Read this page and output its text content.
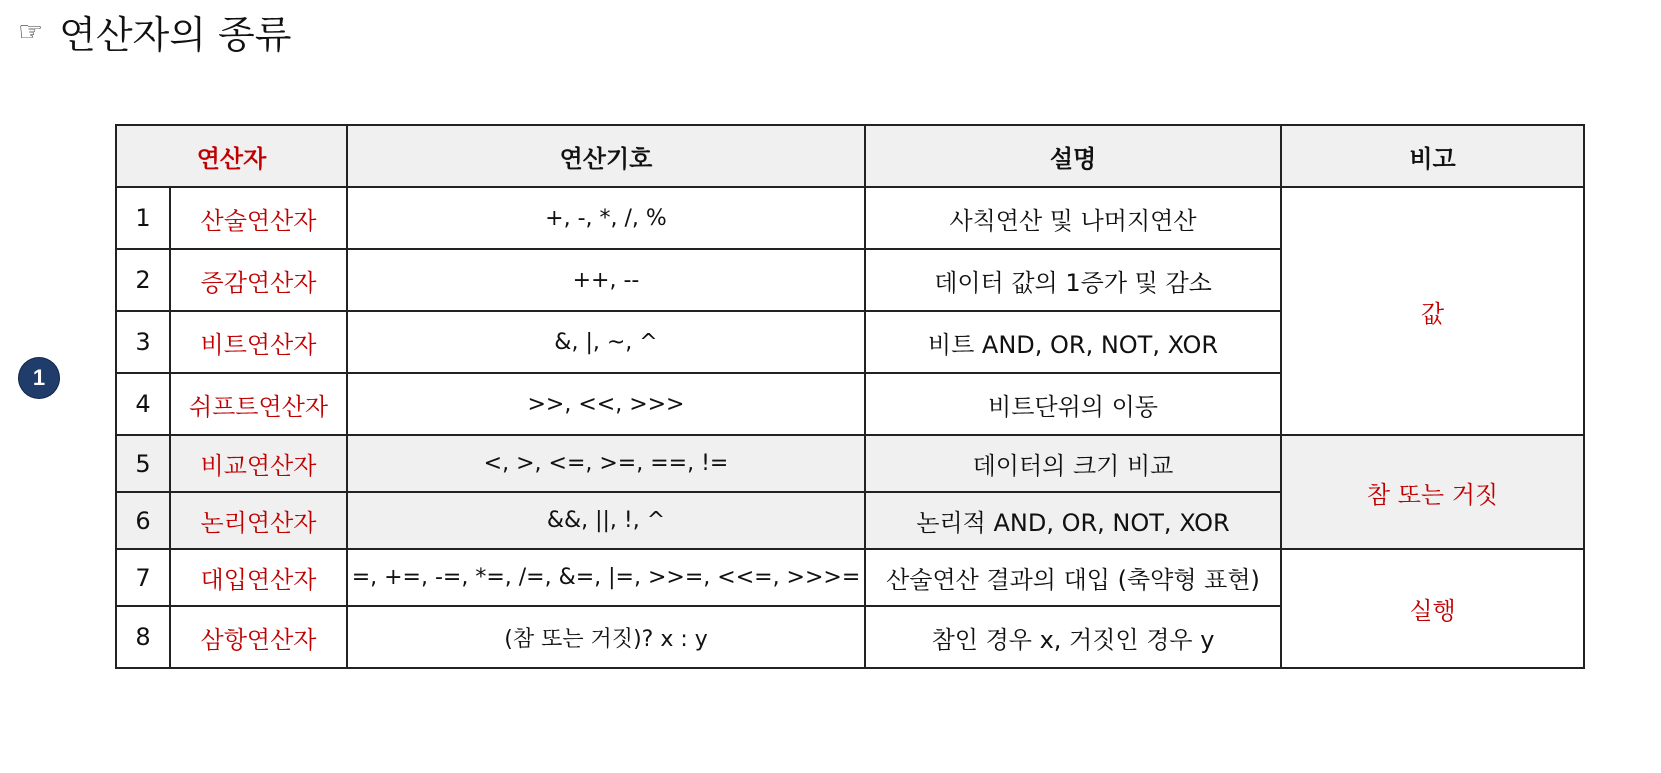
☞ 연산자의 종류
1
연산자		연산기호	설명	비고
1	산술연산자	+, -, *, /, %	사칙연산 및 나머지연산	값
2	증감연산자	++, --	데이터 값의 1증가 및 감소	
3	비트연산자	&, |, ~, ^	비트 AND, OR, NOT, XOR	
4	쉬프트연산자	>>, <<, >>>	비트단위의 이동	
5	비교연산자	<, >, <=, >=, ==, !=	데이터의 크기 비교	참 또는 거짓
6	논리연산자	&&, ||, !, ^	논리적 AND, OR, NOT, XOR	
7	대입연산자	=, +=, -=, *=, /=, &=, |=, >>=, <<=, >>>=	산술연산 결과의 대입 (축약형 표현)	실행
8	삼항연산자	(참 또는 거짓)? x : y	참인 경우 x, 거짓인 경우 y	
